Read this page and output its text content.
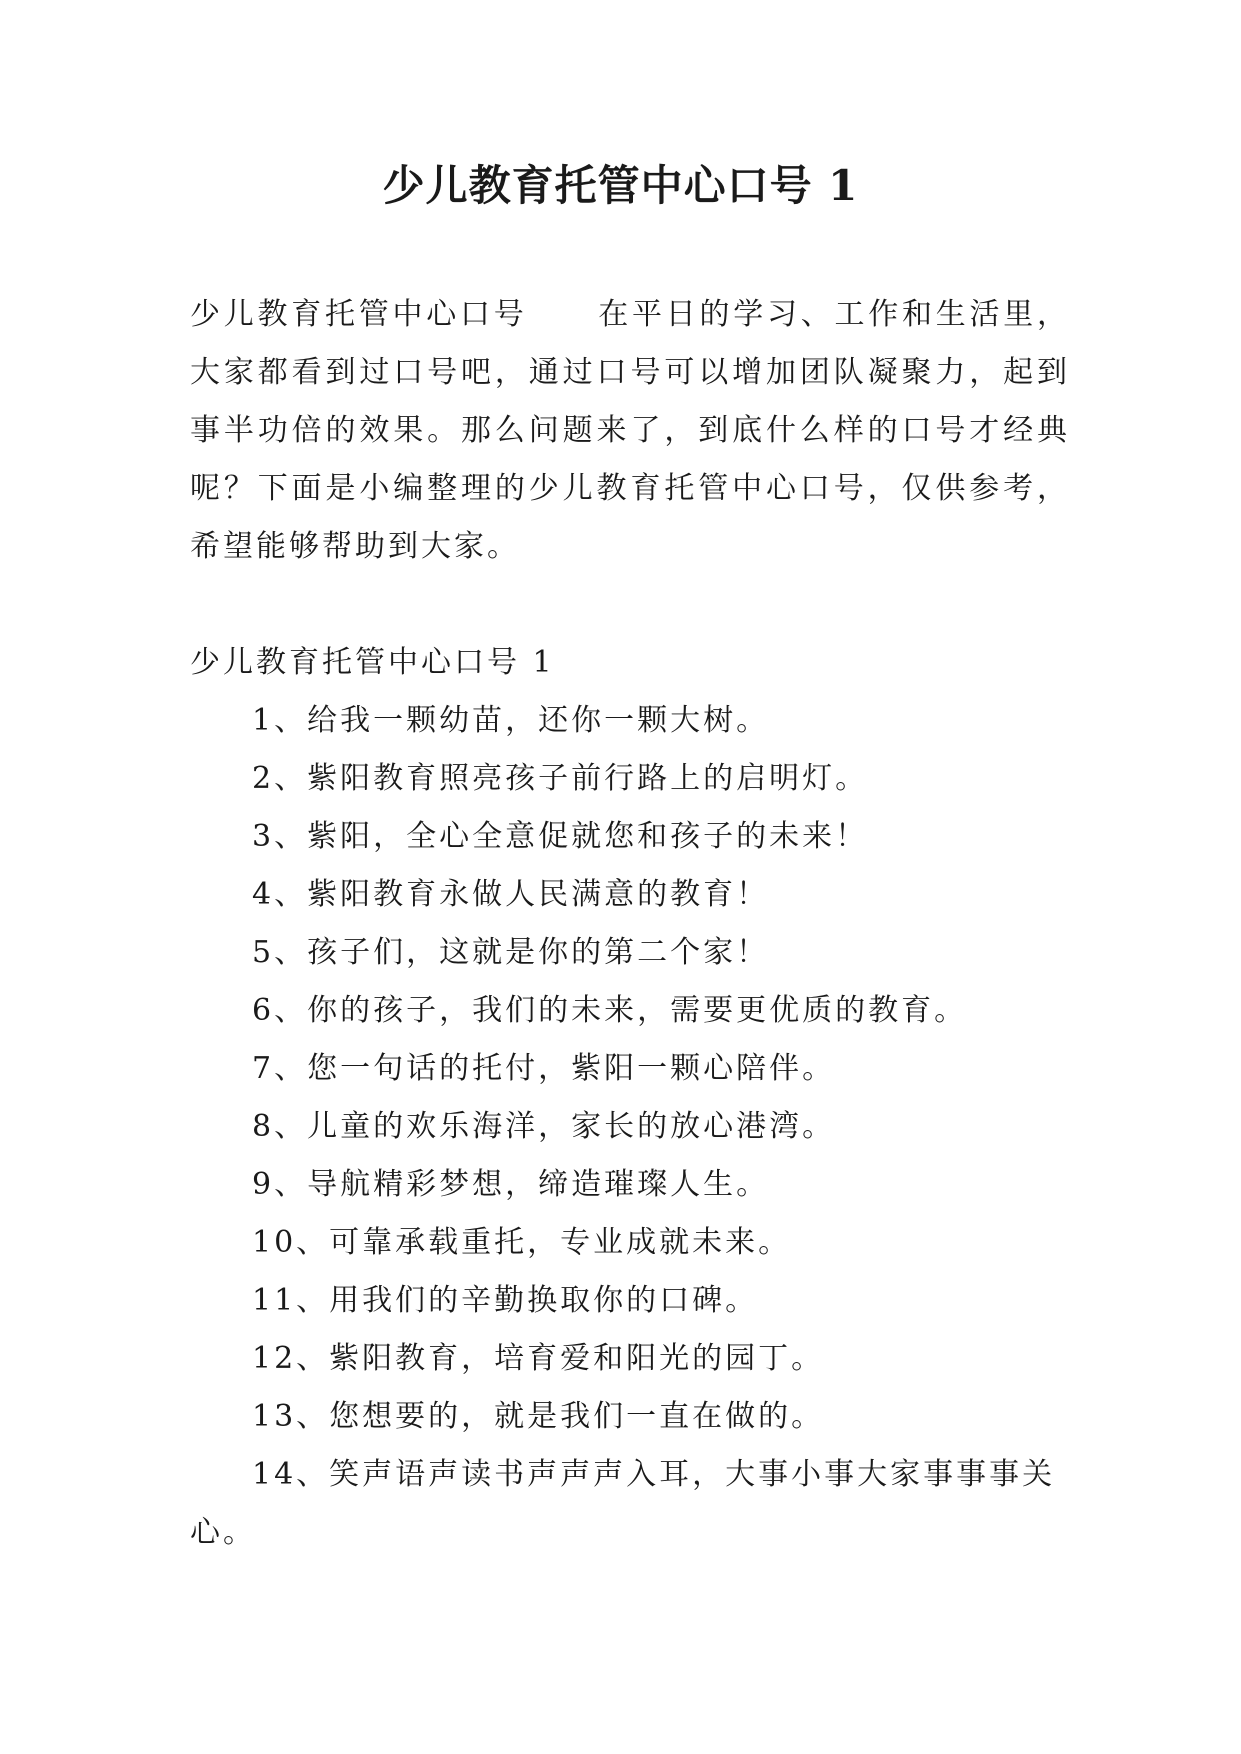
少儿教育托管中心口号 1

少儿教育托管中心口号 在平日的学习、工作和生活里，大家都看到过口号吧，通过口号可以增加团队凝聚力，起到事半功倍的效果。那么问题来了，到底什么样的口号才经典呢？下面是小编整理的少儿教育托管中心口号，仅供参考，希望能够帮助到大家。

少儿教育托管中心口号 1
1、给我一颗幼苗，还你一颗大树。
2、紫阳教育照亮孩子前行路上的启明灯。
3、紫阳，全心全意促就您和孩子的未来！
4、紫阳教育永做人民满意的教育！
5、孩子们，这就是你的第二个家！
6、你的孩子，我们的未来，需要更优质的教育。
7、您一句话的托付，紫阳一颗心陪伴。
8、儿童的欢乐海洋，家长的放心港湾。
9、导航精彩梦想，缔造璀璨人生。
10、可靠承载重托，专业成就未来。
11、用我们的辛勤换取你的口碑。
12、紫阳教育，培育爱和阳光的园丁。
13、您想要的，就是我们一直在做的。
14、笑声语声读书声声声入耳，大事小事大家事事事关心。
